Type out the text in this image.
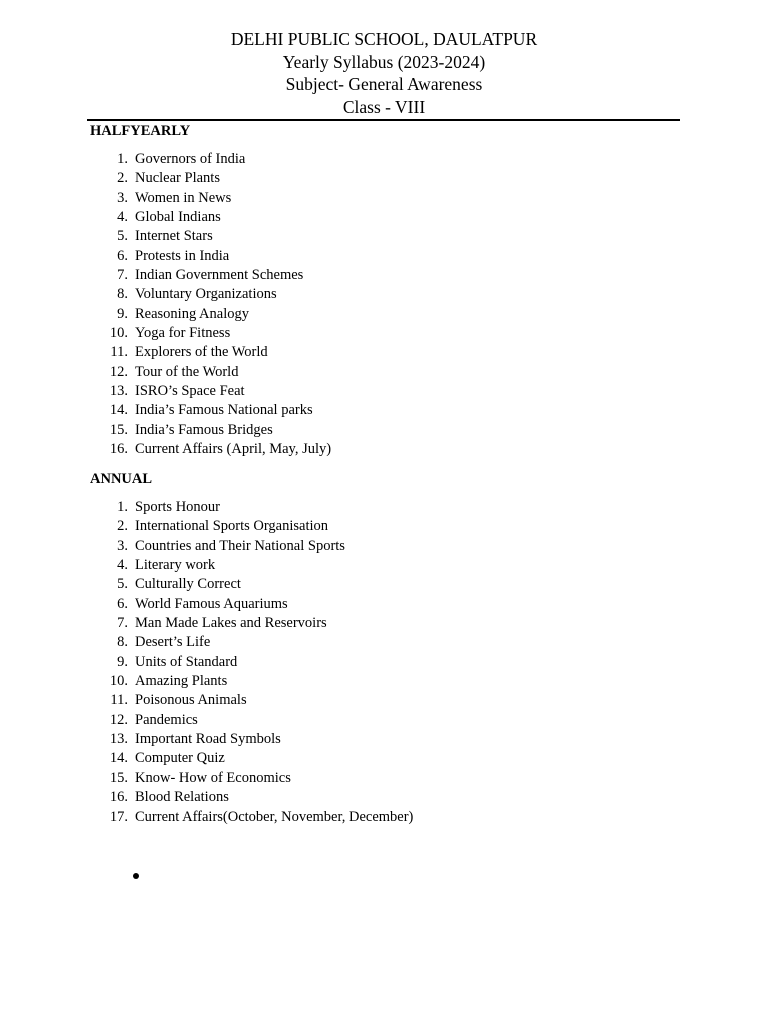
DELHI PUBLIC SCHOOL, DAULATPUR
Yearly Syllabus (2023-2024)
Subject- General Awareness
Class - VIII
HALFYEARLY
1. Governors of India
2. Nuclear Plants
3. Women in News
4. Global Indians
5. Internet Stars
6. Protests in India
7. Indian Government Schemes
8. Voluntary Organizations
9. Reasoning Analogy
10. Yoga for Fitness
11. Explorers of the World
12. Tour of the World
13. ISRO’s Space Feat
14. India’s Famous National parks
15. India’s Famous Bridges
16. Current Affairs (April, May, July)
ANNUAL
1. Sports Honour
2. International Sports Organisation
3. Countries and Their National Sports
4. Literary work
5. Culturally Correct
6. World Famous Aquariums
7. Man Made Lakes and Reservoirs
8. Desert’s Life
9. Units of Standard
10. Amazing Plants
11. Poisonous Animals
12. Pandemics
13. Important Road Symbols
14. Computer Quiz
15. Know- How of Economics
16. Blood Relations
17. Current Affairs(October, November, December)
